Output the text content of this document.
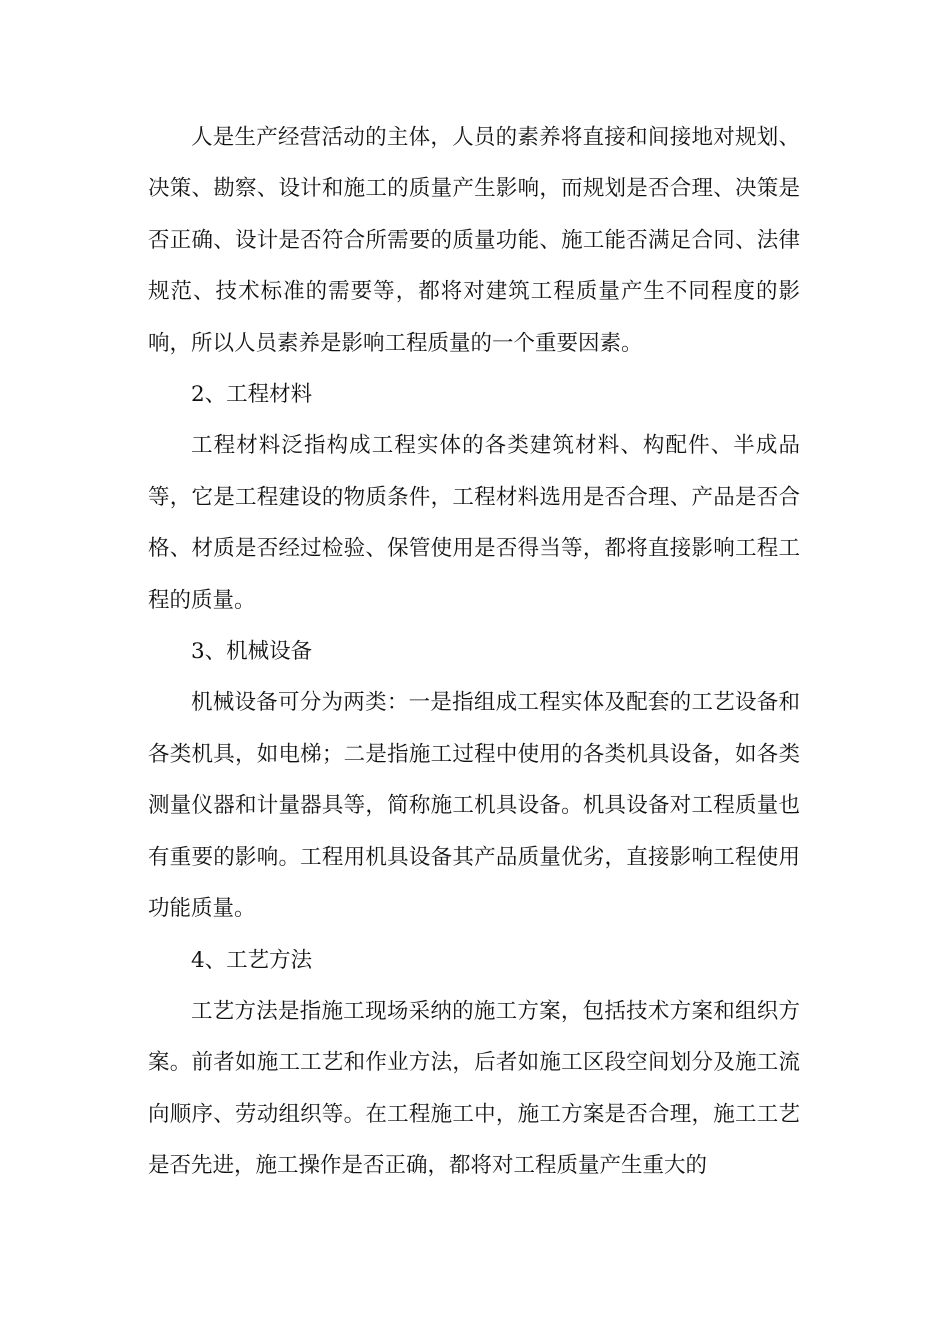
人是生产经营活动的主体，人员的素养将直接和间接地对规划、决策、勘察、设计和施工的质量产生影响，而规划是否合理、决策是否正确、设计是否符合所需要的质量功能、施工能否满足合同、法律规范、技术标准的需要等，都将对建筑工程质量产生不同程度的影响，所以人员素养是影响工程质量的一个重要因素。

2、工程材料

工程材料泛指构成工程实体的各类建筑材料、构配件、半成品等，它是工程建设的物质条件，工程材料选用是否合理、产品是否合格、材质是否经过检验、保管使用是否得当等，都将直接影响工程工程的质量。

3、机械设备

机械设备可分为两类：一是指组成工程实体及配套的工艺设备和各类机具，如电梯；二是指施工过程中使用的各类机具设备，如各类测量仪器和计量器具等，简称施工机具设备。机具设备对工程质量也有重要的影响。工程用机具设备其产品质量优劣，直接影响工程使用功能质量。

4、工艺方法

工艺方法是指施工现场采纳的施工方案，包括技术方案和组织方案。前者如施工工艺和作业方法，后者如施工区段空间划分及施工流向顺序、劳动组织等。在工程施工中，施工方案是否合理，施工工艺是否先进，施工操作是否正确，都将对工程质量产生重大的
